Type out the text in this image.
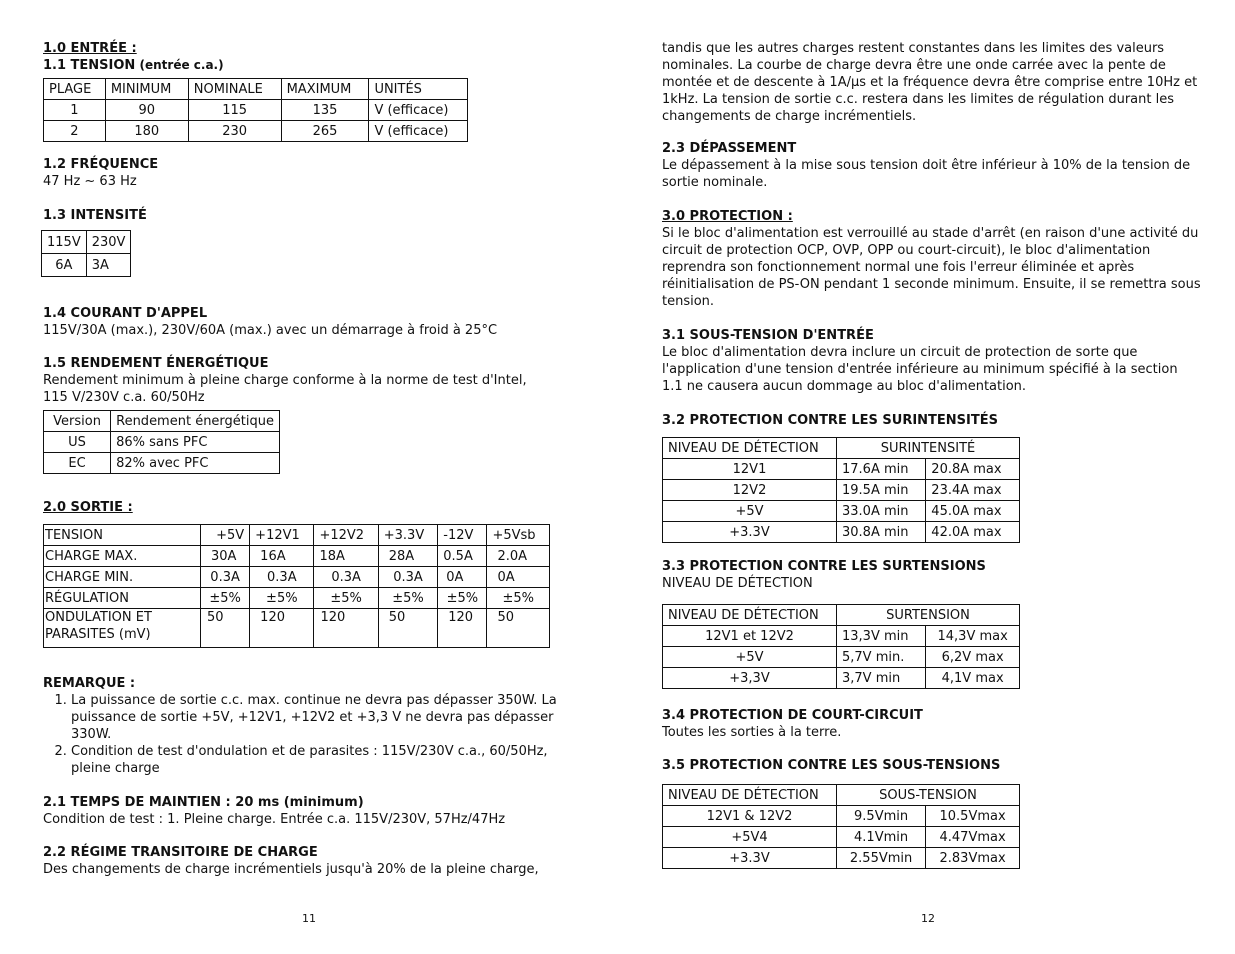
1.0 ENTRÉE :

1.1 TENSION (entrée c.a.)

PLAGE	MINIMUM	NOMINALE	MAXIMUM	UNITÉS
1	90	115	135	V (efficace)
2	180	230	265	V (efficace)

1.2 FRÉQUENCE

47 Hz ~ 63 Hz

1.3 INTENSITÉ

115V	230V
6A	3A

1.4 COURANT D'APPEL

115V/30A (max.), 230V/60A (max.) avec un démarrage à froid à 25°C

1.5 RENDEMENT ÉNERGÉTIQUE

Rendement minimum à pleine charge conforme à la norme de test d'Intel,

115 V/230V c.a. 60/50Hz

Version	Rendement énergétique
US	86% sans PFC
EC	82% avec PFC

2.0 SORTIE :

TENSION	+5V	+12V1	+12V2	+3.3V	-12V	+5Vsb
CHARGE MAX.	30A	16A	18A	28A	0.5A	2.0A
CHARGE MIN.	0.3A	0.3A	0.3A	0.3A	0A	0A
RÉGULATION	±5%	±5%	±5%	±5%	±5%	±5%

ONDULATION ET
PARASITES (mV)	50	120	120	50	120	50

REMARQUE :

1. La puissance de sortie c.c. max. continue ne devra pas dépasser 350W. La puissance de sortie +5V, +12V1, +12V2 et +3,3 V ne devra pas dépasser 330W.
2. Condition de test d'ondulation et de parasites : 115V/230V c.a., 60/50Hz, pleine charge

2.1 TEMPS DE MAINTIEN : 20 ms (minimum)

Condition de test : 1. Pleine charge. Entrée c.a. 115V/230V, 57Hz/47Hz

2.2 RÉGIME TRANSITOIRE DE CHARGE

Des changements de charge incrémentiels jusqu'à 20% de la pleine charge,

11

tandis que les autres charges restent constantes dans les limites des valeurs nominales. La courbe de charge devra être une onde carrée avec la pente de montée et de descente à 1A/µs et la fréquence devra être comprise entre 10Hz et 1kHz. La tension de sortie c.c. restera dans les limites de régulation durant les changements de charge incrémentiels.

2.3 DÉPASSEMENT

Le dépassement à la mise sous tension doit être inférieur à 10% de la tension de sortie nominale.

3.0 PROTECTION :

Si le bloc d'alimentation est verrouillé au stade d'arrêt (en raison d'une activité du circuit de protection OCP, OVP, OPP ou court-circuit), le bloc d'alimentation reprendra son fonctionnement normal une fois l'erreur éliminée et après réinitialisation de PS-ON pendant 1 seconde minimum. Ensuite, il se remettra sous tension.

3.1 SOUS-TENSION D'ENTRÉE

Le bloc d'alimentation devra inclure un circuit de protection de sorte que l'application d'une tension d'entrée inférieure au minimum spécifié à la section 1.1 ne causera aucun dommage au bloc d'alimentation.

3.2 PROTECTION CONTRE LES SURINTENSITÉS

NIVEAU DE DÉTECTION	SURINTENSITÉ	
12V1	17.6A min	20.8A max
12V2	19.5A min	23.4A max
+5V	33.0A min	45.0A max
+3.3V	30.8A min	42.0A max

3.3 PROTECTION CONTRE LES SURTENSIONS

NIVEAU DE DÉTECTION

NIVEAU DE DÉTECTION	SURTENSION	
12V1 et 12V2	13,3V min	14,3V max
+5V	5,7V min.	6,2V max
+3,3V	3,7V min	4,1V max

3.4 PROTECTION DE COURT-CIRCUIT

Toutes les sorties à la terre.

3.5 PROTECTION CONTRE LES SOUS-TENSIONS

NIVEAU DE DÉTECTION	SOUS-TENSION	
12V1 & 12V2	9.5Vmin	10.5Vmax
+5V4	4.1Vmin	4.47Vmax
+3.3V	2.55Vmin	2.83Vmax
12
